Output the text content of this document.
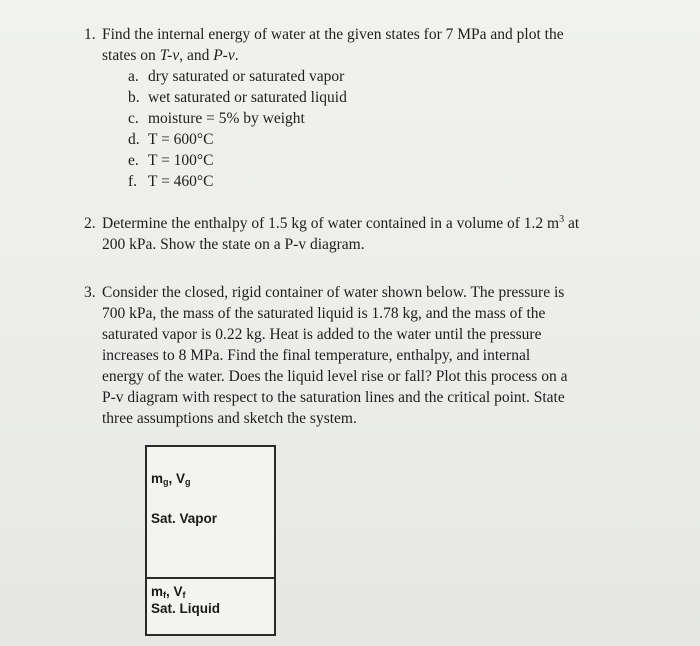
1. Find the internal energy of water at the given states for 7 MPa and plot the
states on T-v, and P-v.
a. dry saturated or saturated vapor
b. wet saturated or saturated liquid
c. moisture = 5% by weight
d. T = 600°C
e. T = 100°C
f. T = 460°C
2. Determine the enthalpy of 1.5 kg of water contained in a volume of 1.2 $m^3$ at
200 kPa. Show the state on a P-v diagram.
3. Consider the closed, rigid container of water shown below. The pressure is
700 kPa, the mass of the saturated liquid is 1.78 kg, and the mass of the
saturated vapor is 0.22 kg. Heat is added to the water until the pressure
increases to 8 MPa. Find the final temperature, enthalpy, and internal
energy of the water. Does the liquid level rise or fall? Plot this process on a
P-v diagram with respect to the saturation lines and the critical point. State
three assumptions and sketch the system.
mg, Vg
Sat. Vapor
mf, Vf
Sat. Liquid
